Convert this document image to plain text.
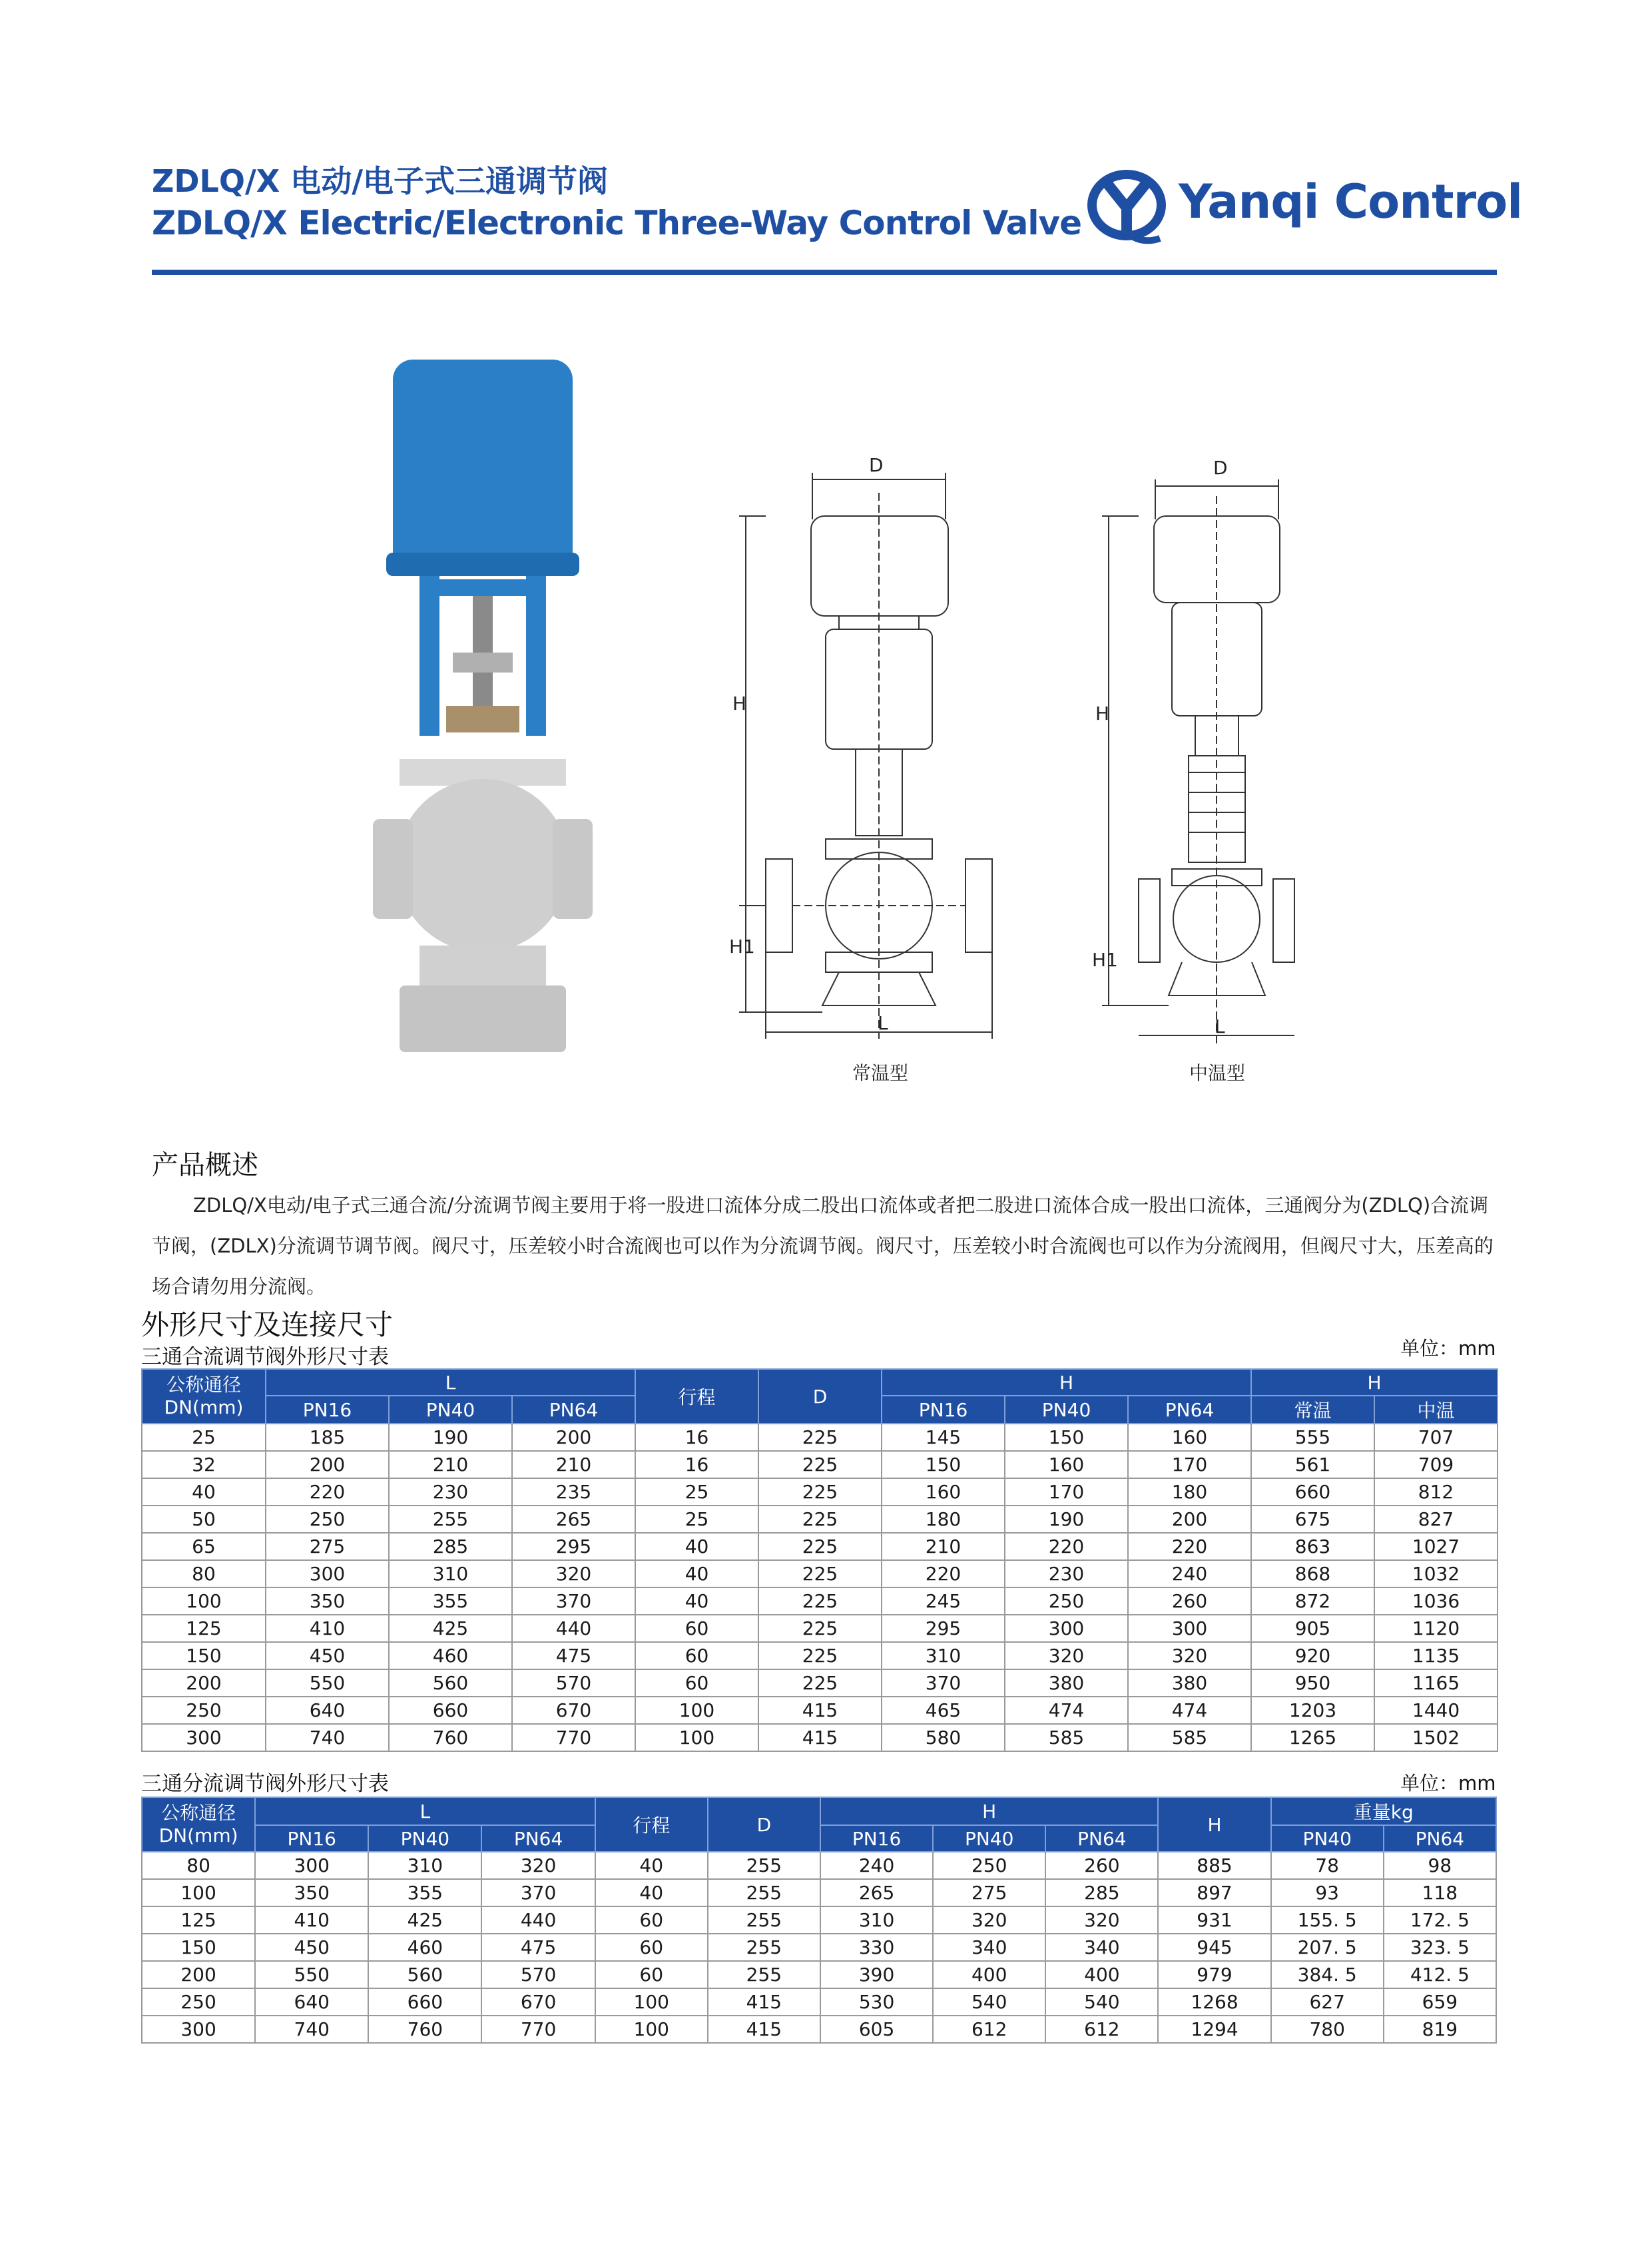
ZDLQ/X 电动/电子式三通调节阀
ZDLQ/X Electric/Electronic Three-Way Control Valve Yanqi Control
D
H
H1
L
常温型
D
H
H1
L
中温型
产品概述

ZDLQ/X电动/电子式三通合流/分流调节阀主要用于将一股进口流体分成二股出口流体或者把二股进口流体合成一股出口流体，三通阀分为(ZDLQ)合流调节阀，(ZDLX)分流调节调节阀。阀尺寸，压差较小时合流阀也可以作为分流调节阀。阀尺寸，压差较小时合流阀也可以作为分流阀用，但阀尺寸大，压差高的场合请勿用分流阀。

外形尺寸及连接尺寸
三通合流调节阀外形尺寸表	单位：mm
公称通径DN(mm)	L			行程	D	H			H	
	PN16	PN40	PN64			PN16	PN40	PN64	常温	中温
25	185	190	200	16	225	145	150	160	555	707
32	200	210	210	16	225	150	160	170	561	709
40	220	230	235	25	225	160	170	180	660	812
50	250	255	265	25	225	180	190	200	675	827
65	275	285	295	40	225	210	220	220	863	1027
80	300	310	320	40	225	220	230	240	868	1032
100	350	355	370	40	225	245	250	260	872	1036
125	410	425	440	60	225	295	300	300	905	1120
150	450	460	475	60	225	310	320	320	920	1135
200	550	560	570	60	225	370	380	380	950	1165
250	640	660	670	100	415	465	474	474	1203	1440
300	740	760	770	100	415	580	585	585	1265	1502
三通分流调节阀外形尺寸表	单位：mm
公称通径DN(mm)	L			行程	D	H			H	重量kg	
	PN16	PN40	PN64			PN16	PN40	PN64		PN40	PN64
80	300	310	320	40	255	240	250	260	885	78	98
100	350	355	370	40	255	265	275	285	897	93	118
125	410	425	440	60	255	310	320	320	931	155. 5	172. 5
150	450	460	475	60	255	330	340	340	945	207. 5	323. 5
200	550	560	570	60	255	390	400	400	979	384. 5	412. 5
250	640	660	670	100	415	530	540	540	1268	627	659
300	740	760	770	100	415	605	612	612	1294	780	819
